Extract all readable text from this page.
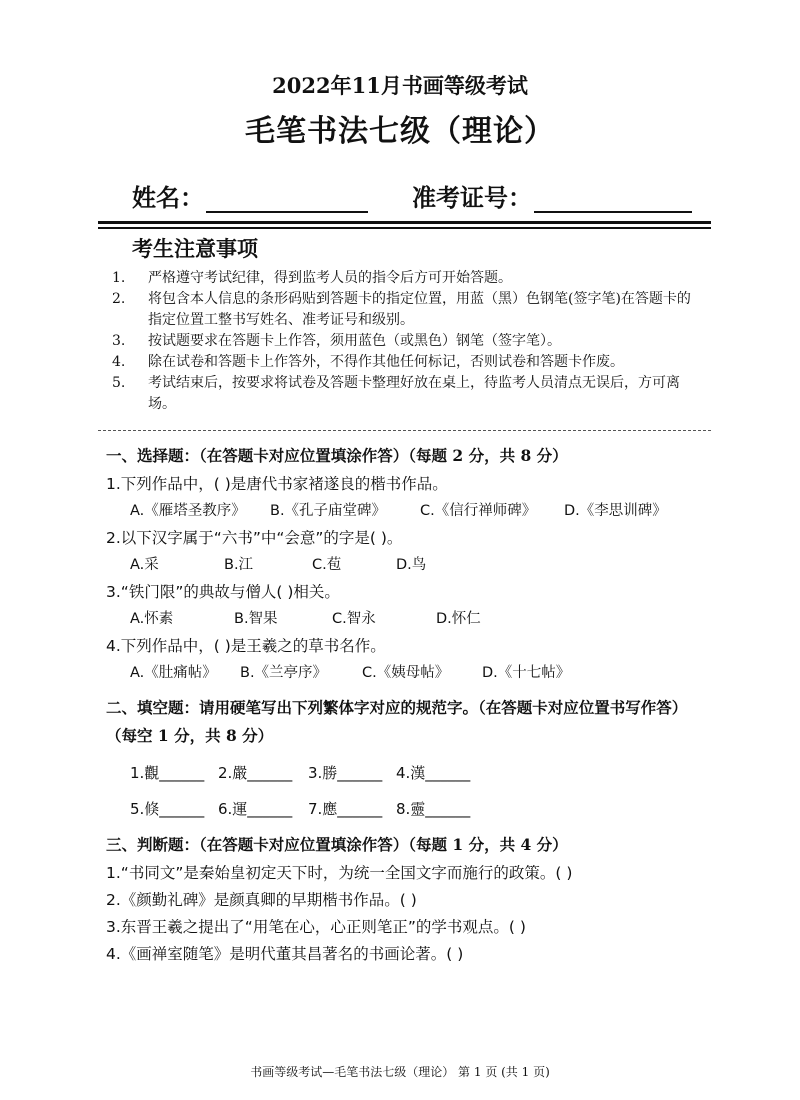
2022年11月书画等级考试
毛笔书法七级（理论）
姓名：	准考证号：
考生注意事项
1.	严格遵守考试纪律，得到监考人员的指令后方可开始答题。
2.	将包含本人信息的条形码贴到答题卡的指定位置，用蓝（黑）色钢笔(签字笔)在答题卡的指定位置工整书写姓名、准考证号和级别。
3.	按试题要求在答题卡上作答，须用蓝色（或黑色）钢笔（签字笔）。
4.	除在试卷和答题卡上作答外，不得作其他任何标记，否则试卷和答题卡作废。
5.	考试结束后，按要求将试卷及答题卡整理好放在桌上，待监考人员清点无误后，方可离场。
一、选择题：（在答题卡对应位置填涂作答）（每题 2 分，共 8 分）
1.下列作品中，( )是唐代书家褚遂良的楷书作品。
A.《雁塔圣教序》 B.《孔子庙堂碑》 C.《信行禅师碑》 D.《李思训碑》
2.以下汉字属于“六书”中“会意”的字是( )。
A.采	B.江	C.苞	D.鸟
3.“铁门限”的典故与僧人( )相关。
A.怀素	B.智果	C.智永	D.怀仁
4.下列作品中，( )是王羲之的草书名作。
A.《肚痛帖》 B.《兰亭序》 C.《姨母帖》 D.《十七帖》
二、填空题：请用硬笔写出下列繁体字对应的规范字。（在答题卡对应位置书写作答）
（每空 1 分，共 8 分）
1.觀______ 2.嚴______ 3.勝______ 4.漢______
5.倏______ 6.運______ 7.應______ 8.靈______
三、判断题：（在答题卡对应位置填涂作答）（每题 1 分，共 4 分）
1.“书同文”是秦始皇初定天下时，为统一全国文字而施行的政策。( )
2.《颜勤礼碑》是颜真卿的早期楷书作品。( )
3.东晋王羲之提出了“用笔在心，心正则笔正”的学书观点。( )
4.《画禅室随笔》是明代董其昌著名的书画论著。( )
书画等级考试—毛笔书法七级（理论） 第 1 页 (共 1 页)
